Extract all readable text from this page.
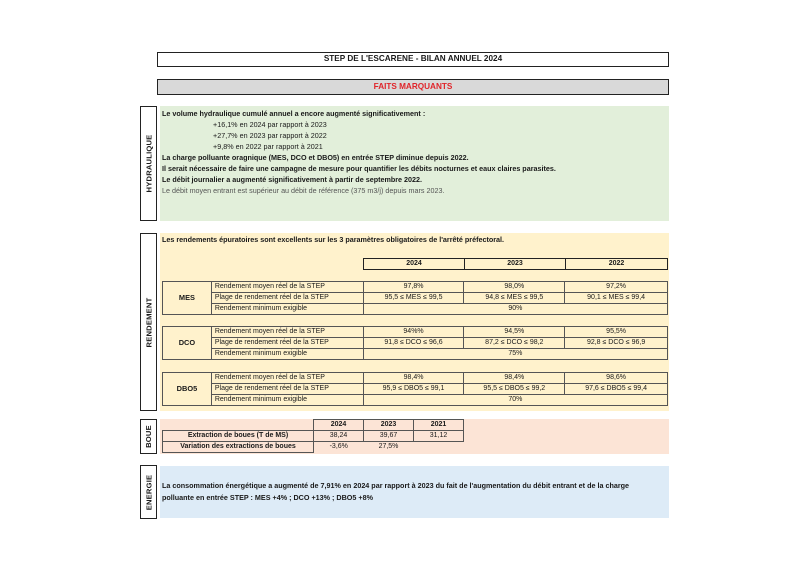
STEP DE L'ESCARENE - BILAN ANNUEL 2024
FAITS MARQUANTS
HYDRAULIQUE
Le volume hydraulique cumulé annuel a encore augmenté significativement :
+16,1% en 2024 par rapport à 2023
+27,7% en 2023 par rapport à 2022
+9,8% en 2022 par rapport à 2021
La charge polluante oragnique (MES, DCO et DBO5) en entrée STEP diminue depuis 2022.
Il serait nécessaire de faire une campagne de mesure pour quantifier les débits nocturnes et eaux claires parasites.
Le débit journalier a augmenté significativement à partir de septembre 2022.
Le débit moyen entrant est supérieur au débit de référence (375 m3/j) depuis mars 2023.
RENDEMENT
Les rendements épuratoires sont excellents sur les 3 paramètres obligatoires de l'arrêté préfectoral.
2024	2023	2022
MES	Rendement moyen réel de la STEP	97,8%	98,0%	97,2%
	Plage de rendement réel de la STEP	95,5 ≤ MES ≤ 99,5	94,8 ≤ MES ≤ 99,5	90,1 ≤ MES ≤ 99,4
	Rendement minimum exigible	90%		
DCO	Rendement moyen réel de la STEP	94%%	94,5%	95,5%
	Plage de rendement réel de la STEP	91,8 ≤ DCO ≤ 96,6	87,2 ≤ DCO ≤ 98,2	92,8 ≤ DCO ≤ 96,9
	Rendement minimum exigible	75%		
DBO5	Rendement moyen réel de la STEP	98,4%	98,4%	98,6%
	Plage de rendement réel de la STEP	95,9 ≤ DBO5 ≤ 99,1	95,5 ≤ DBO5 ≤ 99,2	97,6 ≤ DBO5 ≤ 99,4
	Rendement minimum exigible	70%		
BOUE
	2024	2023	2021
Extraction de boues (T de MS)	38,24	39,67	31,12
Variation des extractions de boues	-3,6%	27,5%	
ENERGIE La consommation énergétique a augmenté de 7,91% en 2024 par rapport à 2023 du fait de l'augmentation du débit entrant et de la charge
polluante en entrée STEP : MES +4% ; DCO +13% ; DBO5 +8%
